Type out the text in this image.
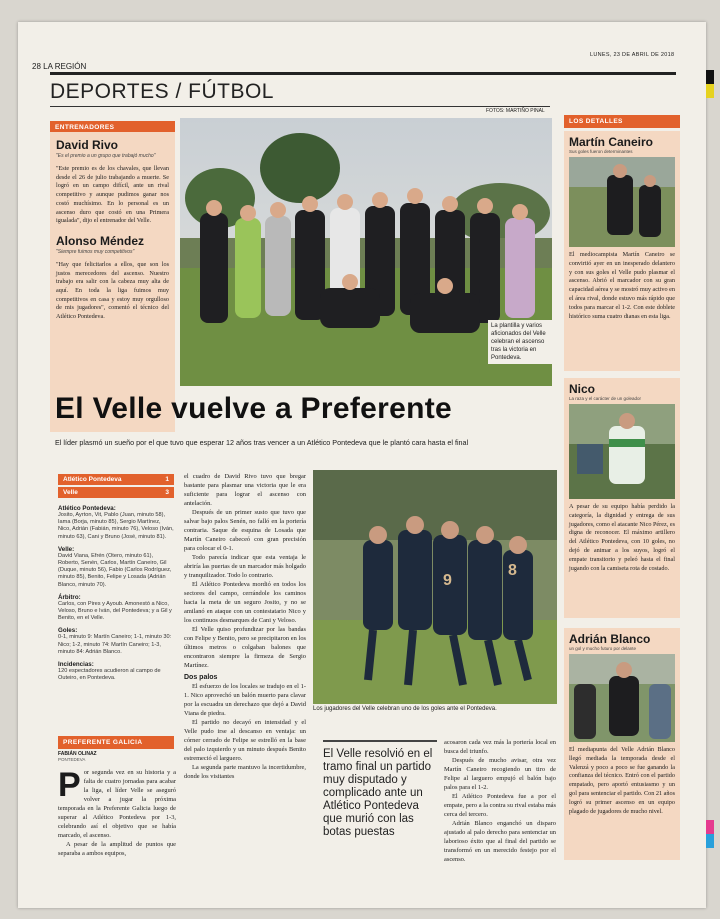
28 LA REGIÓN
LUNES, 23 DE ABRIL DE 2018
DEPORTES / FÚTBOL
FOTOS: MARTIÑO PINAL
ENTRENADORES
David Rivo
"Es el premio a un grupo que trabajó mucho"
"Este premio es de los chavales, que llevan desde el 26 de julio trabajando a muerte. Se logró en un campo difícil, ante un rival competitivo y aunque pudimos ganar nos costó muchísimo. En lo personal es un ascenso duro que costó en una Primera igualada", dijo el entrenador del Velle.
Alonso Méndez
"Siempre fuimos muy competitivos"
"Hay que felicitarlos a ellos, que son los justos merecedores del ascenso. Nuestro trabajo era salir con la cabeza muy alta de aquí. En toda la liga fuimos muy competitivos en casa y estoy muy orgulloso de mis jugadores", comentó el técnico del Atlético Pontedeva.
La plantilla y varios aficionados del Velle celebran el ascenso tras la victoria en Pontedeva.
LOS DETALLES
Martín Caneiro
Sus goles fueron determinantes
El mediocampista Martín Caneiro se convirtió ayer en un inesperado delantero y con sus goles el Velle pudo plasmar el ascenso. Abrió el marcador con su gran capacidad aérea y se mostró muy activo en el área rival, donde estuvo más rápido que todos para marcar el 1-2. Con este doblete histórico suma cuatro dianas en esta liga.
Nico
La raza y el carácter de un goleador
A pesar de su equipo había perdido la categoría, la dignidad y entrega de sus jugadores, como el atacante Nico Pérez, es digna de reconocer. El máximo artillero del Atlético Pontedeva, con 10 goles, no dejó de animar a los suyos, logró el empate transitorio y peleó hasta el final jugando con la camiseta rota de costado.
Adrián Blanco
un gol y mucho futuro por delante
El mediapunta del Velle Adrián Blanco llegó mediada la temporada desde el Valenzá y poco a poco se fue ganando la confianza del técnico. Entró con el partido empatado, pero aportó entusiasmo y un gol para sentenciar el partido. Con 21 años logró su primer ascenso en un equipo plagado de jugadores de mucho nivel.
El Velle vuelve a Preferente
El líder plasmó un sueño por el que tuvo que esperar 12 años tras vencer a un Atlético Pontedeva que le plantó cara hasta el final
Atlético Pontedeva	1
Velle	3
Atlético Pontedeva:

Josito, Ayrton, Vit, Pablo (Juan, minuto 58), Iama (Borja, minuto 85), Sergio Martínez, Nico, Adrián (Fabián, minuto 76), Veloso (Iván, minuto 63), Cani y Bruno (José, minuto 81).

Velle:

David Viana, Efrén (Otero, minuto 61), Roberto, Senén, Carlos, Martín Caneiro, Gil (Duque, minuto 56), Fabio (Carlos Rodríguez, minuto 85), Benito, Felipe y Losada (Adrián Blanco, minuto 70).

Árbitro:

Carlos, con Pires y Ayoub. Amonestó a Nico, Veloso, Bruno e Iván, del Pontedeva; y a Gil y Benito, en el Velle.

Goles:

0-1, minuto 9: Martín Caneiro; 1-1, minuto 30: Nico; 1-2, minuto 74: Martín Caneiro; 1-3, minuto 84: Adrián Blanco.

Incidencias:

120 espectadores acudieron al campo de Outeiro, en Pontedeva.

PREFERENTE GALICIA
FABIÁN OLINAZ
PONTEDEVA
Por segunda vez en su historia y a falta de cuatro jornadas para acabar la liga, el líder Velle se aseguró volver a jugar la próxima temporada en la Preferente Galicia luego de superar al Atlético Pontedeva por 1-3, celebrando así el objetivo que se había marcado, el ascenso.

A pesar de la amplitud de puntos que separaba a ambos equipos,

el cuadro de David Rivo tuvo que bregar bastante para plasmar una victoria que le era suficiente para lograr el ascenso con antelación.

Después de un primer susto que tuvo que salvar bajo palos Senén, no falló en la portería contraria. Saque de esquina de Losada que Martín Caneiro cabeceó con gran precisión para colocar el 0-1.

Todo parecía indicar que esta ventaja le abriría las puertas de un marcador más holgado y tranquilizador. Todo lo contrario.

El Atlético Pontedeva mordió en todos los sectores del campo, cerrándole los caminos hacia la meta de un seguro Josito, y no se amilanó en ataque con un contestatario Nico y los continuos desmarques de Cani y Veloso.

El Velle quiso profundizar por las bandas con Felipe y Benito, pero se precipitaron en los últimos metros o colgaban balones que encontraron siempre la firmeza de Sergio Martínez.

Dos palos

El esfuerzo de los locales se tradujo en el 1-1. Nico aprovechó un balón muerto para clavar por la escuadra un derechazo que dejó a David Viana de piedra.

El partido no decayó en intensidad y el Velle pudo irse al descanso en ventaja: un córner cerrado de Felipe se estrelló en la base del palo izquierdo y un minuto después Benito estremeció el larguero.

La segunda parte mantuvo la incertidumbre, donde los visitantes

9
8
Los jugadores del Velle celebran uno de los goles ante el Pontedeva.
El Velle resolvió en el tramo final un partido muy disputado y complicado ante un Atlético Pontedeva que murió con las botas puestas

acosaron cada vez más la portería local en busca del triunfo.

Después de mucho avisar, otra vez Martín Caneiro recogiendo un tiro de Felipe al larguero empujó el balón bajo palos para el 1-2.

El Atlético Pontedeva fue a por el empate, pero a la contra su rival estaba más cerca del tercero.

Adrián Blanco enganchó un disparo ajustado al palo derecho para sentenciar un laborioso éxito que al final del partido se transformó en un merecido festejo por el ascenso.
